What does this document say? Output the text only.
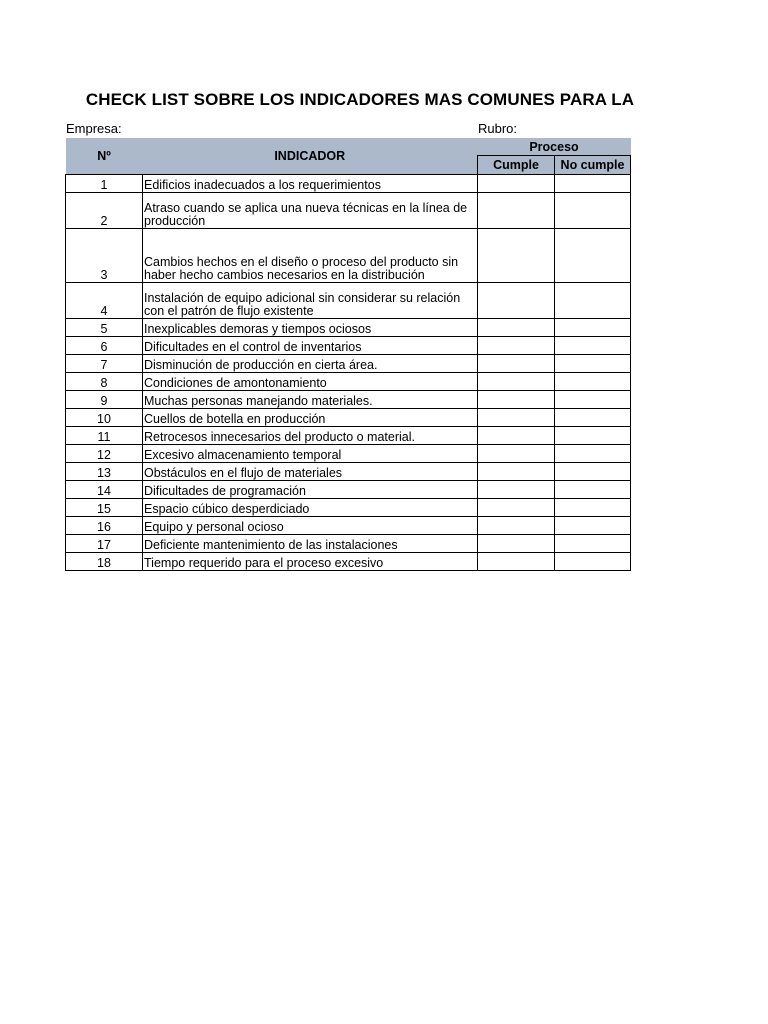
CHECK LIST SOBRE LOS INDICADORES MAS COMUNES PARA LA
Empresa:	Rubro:
Nº	INDICADOR	Proceso	
		Cumple	No cumple
1	Edificios inadecuados a los requerimientos		
2	Atraso cuando se aplica una nueva técnicas en la línea de producción		
3	Cambios hechos en el diseño o proceso del producto sin haber hecho cambios necesarios en la distribución		
4	Instalación de equipo adicional sin considerar su relación con el patrón de flujo existente		
5	Inexplicables demoras y tiempos ociosos		
6	Dificultades en el control de inventarios		
7	Disminución de producción en cierta área.		
8	Condiciones de amontonamiento		
9	Muchas personas manejando materiales.		
10	Cuellos de botella en producción		
11	Retrocesos innecesarios del producto o material.		
12	Excesivo almacenamiento temporal		
13	Obstáculos en el flujo de materiales		
14	Dificultades de programación		
15	Espacio cúbico desperdiciado		
16	Equipo y personal ocioso		
17	Deficiente mantenimiento de las instalaciones		
18	Tiempo requerido para el proceso excesivo		
